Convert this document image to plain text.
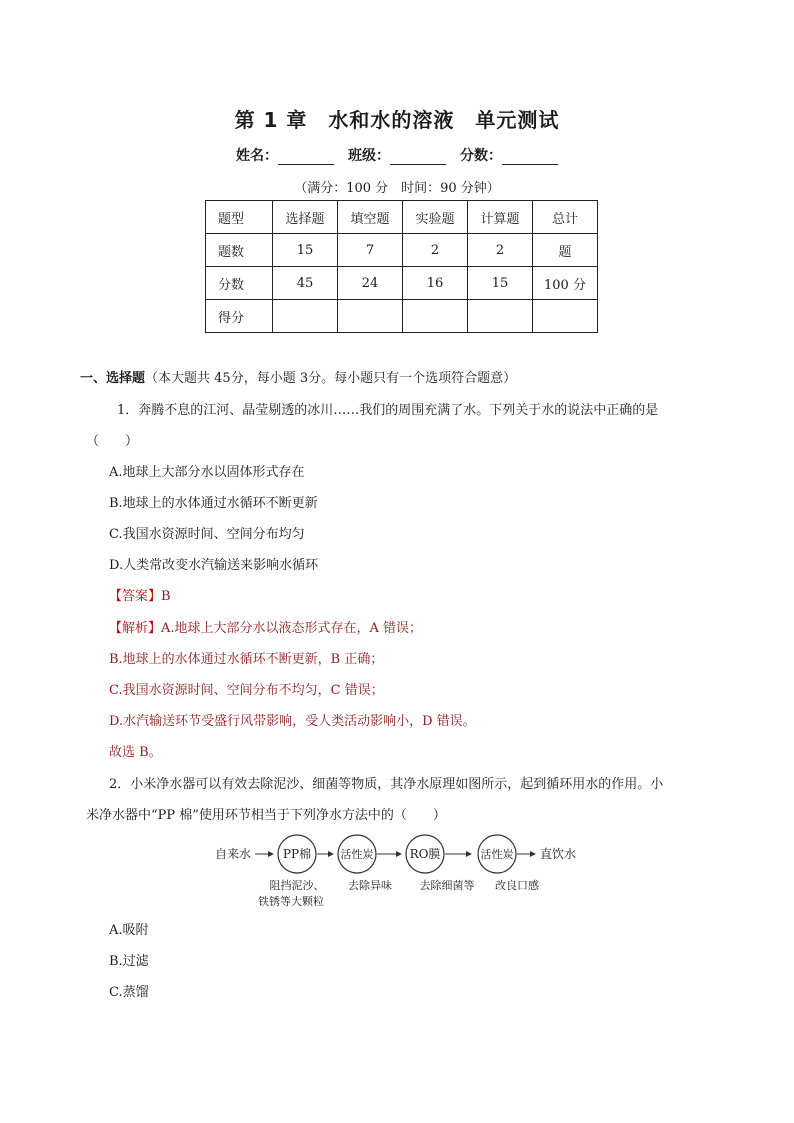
第 1 章　水和水的溶液　单元测试
姓名：	班级：	分数：
（满分：100 分　时间：90 分钟）
题型	选择题	填空题	实验题	计算题	总计
题数	15	7	2	2	题
分数	45	24	16	15	100 分
得分					
一、选择题（本大题共 45分，每小题 3分。每小题只有一个选项符合题意）
1．奔腾不息的江河、晶莹剔透的冰川……我们的周围充满了水。下列关于水的说法中正确的是
（　　）
A.地球上大部分水以固体形式存在
B.地球上的水体通过水循环不断更新
C.我国水资源时间、空间分布均匀
D.人类常改变水汽输送来影响水循环
【答案】B
【解析】A.地球上大部分水以液态形式存在，A 错误；
B.地球上的水体通过水循环不断更新，B 正确；
C.我国水资源时间、空间分布不均匀，C 错误；
D.水汽输送环节受盛行风带影响，受人类活动影响小，D 错误。
故选 B。
2．小米净水器可以有效去除泥沙、细菌等物质，其净水原理如图所示，起到循环用水的作用。小
米净水器中“PP 棉”使用环节相当于下列净水方法中的（　　）
自来水	PP棉	活性炭	RO膜	活性炭 直饮水
阻挡泥沙、
铁锈等大颗粒
去除异味	去除细菌等 改良口感
A.吸附
B.过滤
C.蒸馏
